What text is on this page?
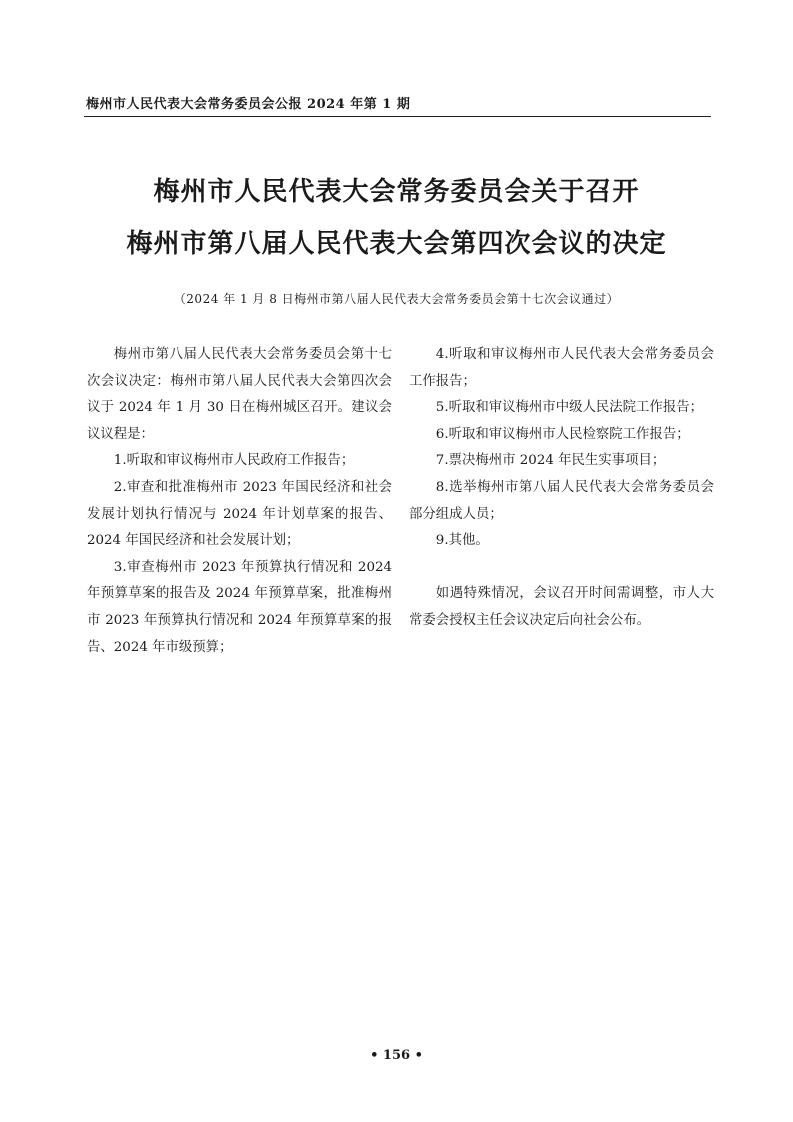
梅州市人民代表大会常务委员会公报 2024 年第 1 期
梅州市人民代表大会常务委员会关于召开
梅州市第八届人民代表大会第四次会议的决定
（2024 年 1 月 8 日梅州市第八届人民代表大会常务委员会第十七次会议通过）

梅州市第八届人民代表大会常务委员会第十七次会议决定：梅州市第八届人民代表大会第四次会议于 2024 年 1 月 30 日在梅州城区召开。建议会议议程是：

1.听取和审议梅州市人民政府工作报告；

2.审查和批准梅州市 2023 年国民经济和社会发展计划执行情况与 2024 年计划草案的报告、2024 年国民经济和社会发展计划；

3.审查梅州市 2023 年预算执行情况和 2024 年预算草案的报告及 2024 年预算草案，批准梅州市 2023 年预算执行情况和 2024 年预算草案的报告、2024 年市级预算；

4.听取和审议梅州市人民代表大会常务委员会工作报告；

5.听取和审议梅州市中级人民法院工作报告；

6.听取和审议梅州市人民检察院工作报告；

7.票决梅州市 2024 年民生实事项目；

8.选举梅州市第八届人民代表大会常务委员会部分组成人员；

9.其他。

如遇特殊情况，会议召开时间需调整，市人大常委会授权主任会议决定后向社会公布。

• 156 •
